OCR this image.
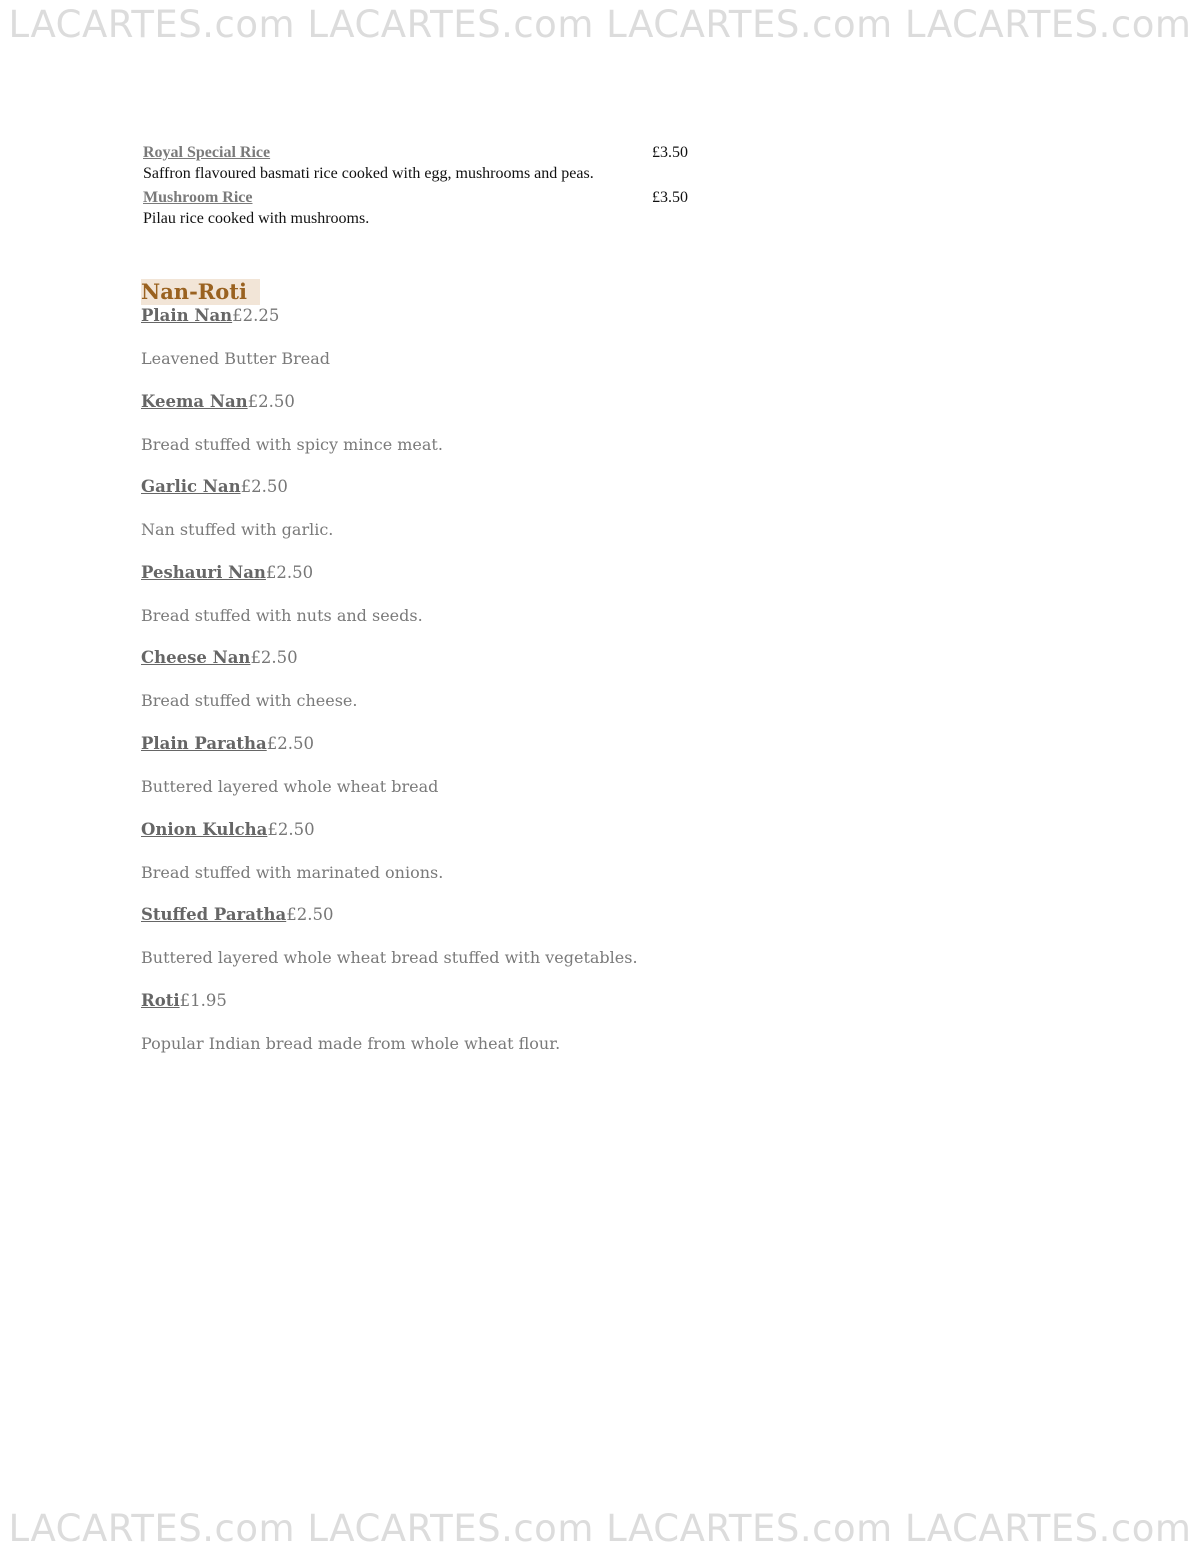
LACARTES.com LACARTES.com LACARTES.com LACARTES.com
Royal Special Rice	£3.50
Saffron flavoured basmati rice cooked with egg, mushrooms and peas.
Mushroom Rice	£3.50
Pilau rice cooked with mushrooms.
Nan-Roti
Plain Nan£2.25
Leavened Butter Bread
Keema Nan£2.50
Bread stuffed with spicy mince meat.
Garlic Nan£2.50
Nan stuffed with garlic.
Peshauri Nan£2.50
Bread stuffed with nuts and seeds.
Cheese Nan£2.50
Bread stuffed with cheese.
Plain Paratha£2.50
Buttered layered whole wheat bread
Onion Kulcha£2.50
Bread stuffed with marinated onions.
Stuffed Paratha£2.50
Buttered layered whole wheat bread stuffed with vegetables.
Roti£1.95
Popular Indian bread made from whole wheat flour.
LACARTES.com LACARTES.com LACARTES.com LACARTES.com
